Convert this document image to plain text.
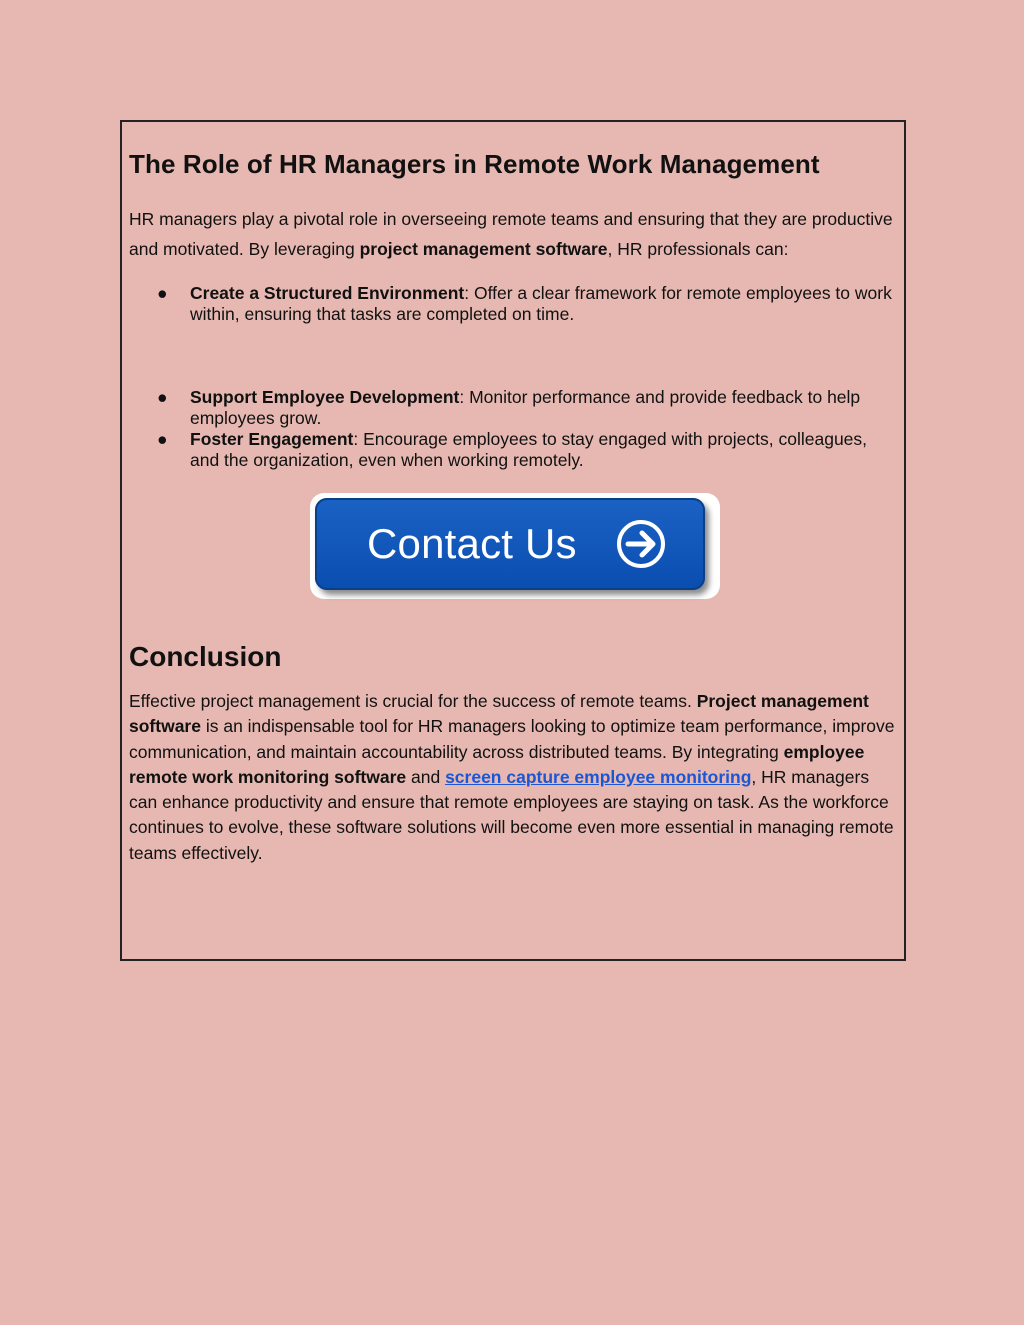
The Role of HR Managers in Remote Work Management

HR managers play a pivotal role in overseeing remote teams and ensuring that they are productive and motivated. By leveraging project management software, HR professionals can:

● Create a Structured Environment: Offer a clear framework for remote employees to work within, ensuring that tasks are completed on time.
● Support Employee Development: Monitor performance and provide feedback to help employees grow.
● Foster Engagement: Encourage employees to stay engaged with projects, colleagues, and the organization, even when working remotely.
Contact Us
Conclusion

Effective project management is crucial for the success of remote teams. Project management software is an indispensable tool for HR managers looking to optimize team performance, improve communication, and maintain accountability across distributed teams. By integrating employee remote work monitoring software and screen capture employee monitoring, HR managers can enhance productivity and ensure that remote employees are staying on task. As the workforce continues to evolve, these software solutions will become even more essential in managing remote teams effectively.
